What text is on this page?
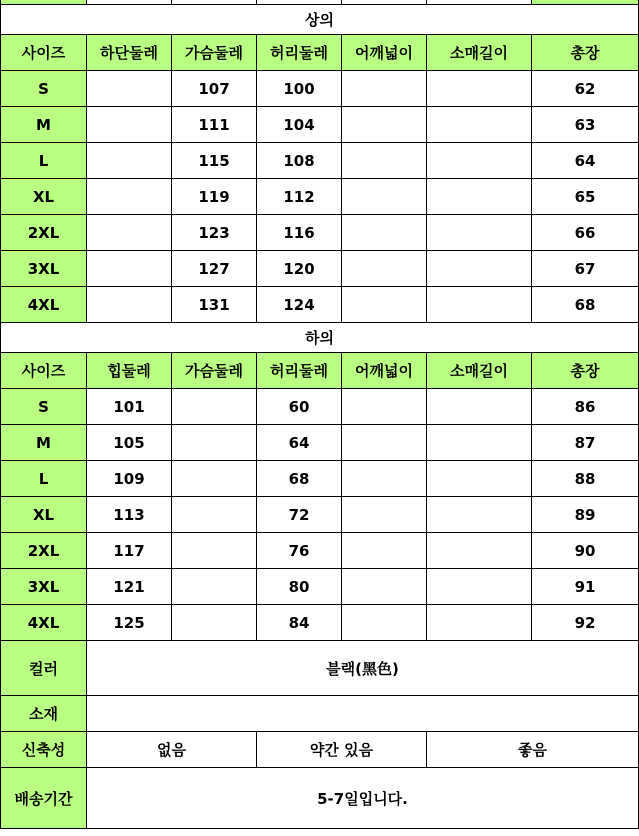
상의						
사이즈	하단둘레	가슴둘레	허리둘레	어깨넓이	소매길이	총장
S		107	100			62
M		111	104			63
L		115	108			64
XL		119	112			65
2XL		123	116			66
3XL		127	120			67
4XL		131	124			68
하의						
사이즈	힙둘레	가슴둘레	허리둘레	어깨넓이	소매길이	총장
S	101		60			86
M	105		64			87
L	109		68			88
XL	113		72			89
2XL	117		76			90
3XL	121		80			91
4XL	125		84			92
컬러	블랙(黑色)					
소재						
신축성	없음		약간 있음		좋음	
배송기간	5-7일입니다.					
